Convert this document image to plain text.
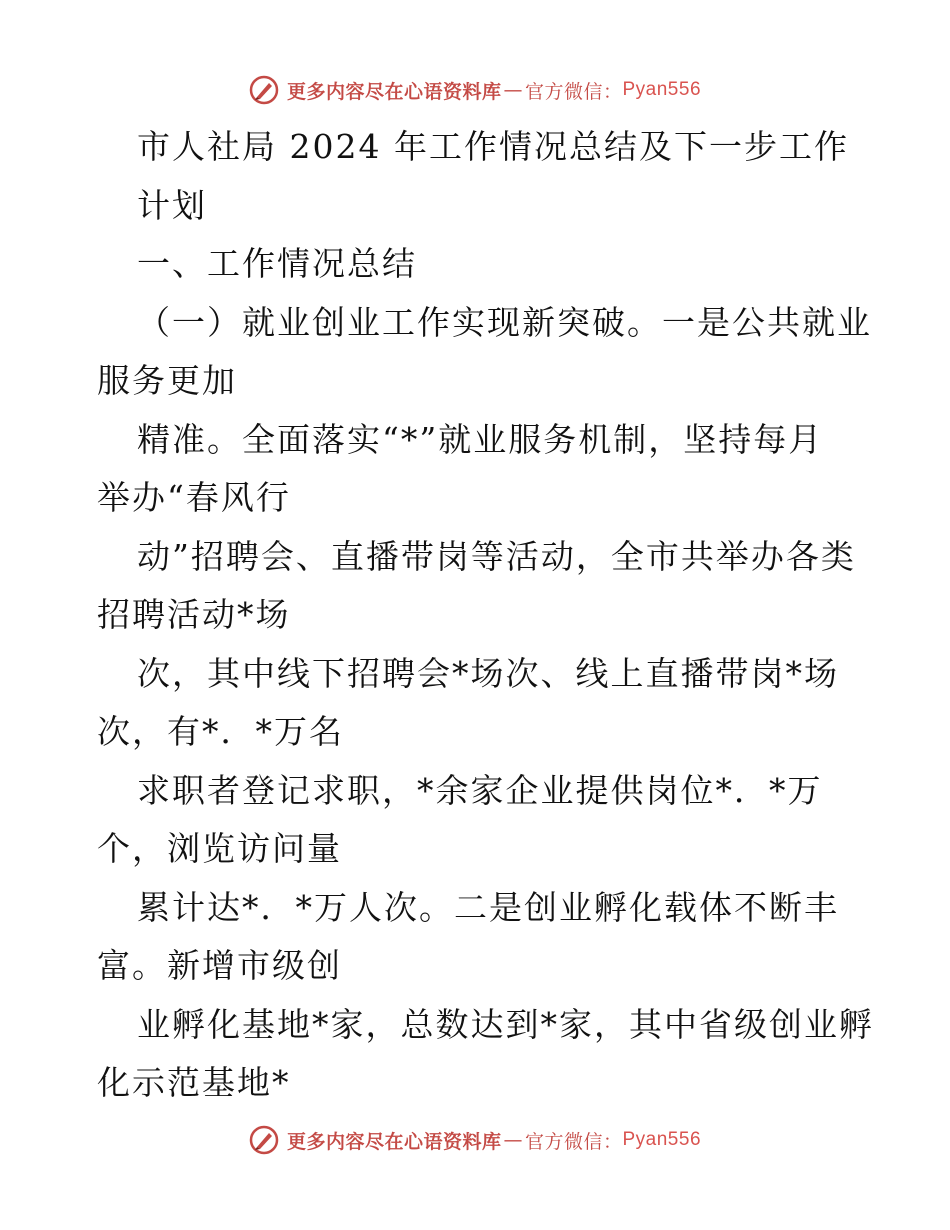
更多内容尽在心语资料库 — 官方微信： Pyan556
市人社局 2024 年工作情况总结及下一步工作
计划
一、工作情况总结
（一）就业创业工作实现新突破。一是公共就业
服务更加
精准。全面落实“*”就业服务机制，坚持每月
举办“春风行
动”招聘会、直播带岗等活动，全市共举办各类
招聘活动*场
次，其中线下招聘会*场次、线上直播带岗*场
次，有*．*万名
求职者登记求职，*余家企业提供岗位*．*万
个，浏览访问量
累计达*．*万人次。二是创业孵化载体不断丰
富。新增市级创
业孵化基地*家，总数达到*家，其中省级创业孵
化示范基地*
更多内容尽在心语资料库 — 官方微信： Pyan556
